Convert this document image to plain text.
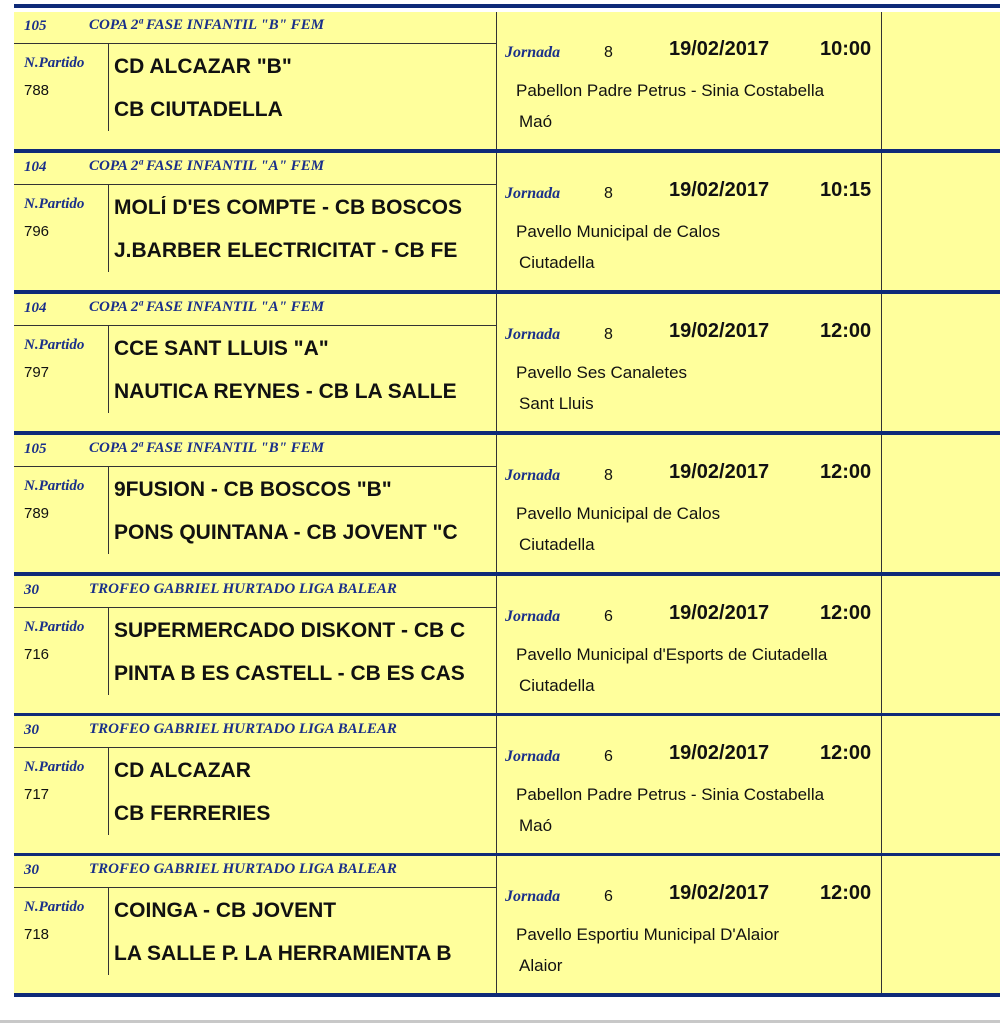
105	COPA 2ª FASE INFANTIL "B" FEM
N.Partido
788
CD ALCAZAR "B"
CB CIUTADELLA
Jornada	8	19/02/2017	10:00
Pabellon Padre Petrus - Sinia Costabella
Maó
104	COPA 2ª FASE INFANTIL "A" FEM
N.Partido
796
MOLÍ D'ES COMPTE - CB BOSCOS
J.BARBER ELECTRICITAT - CB FE
Jornada	8	19/02/2017	10:15
Pavello Municipal de Calos
Ciutadella
104	COPA 2ª FASE INFANTIL "A" FEM
N.Partido
797
CCE SANT LLUIS "A"
NAUTICA REYNES - CB LA SALLE
Jornada	8	19/02/2017	12:00
Pavello Ses Canaletes
Sant Lluis
105	COPA 2ª FASE INFANTIL "B" FEM
N.Partido
789
9FUSION - CB BOSCOS "B"
PONS QUINTANA - CB JOVENT "C
Jornada	8	19/02/2017	12:00
Pavello Municipal de Calos
Ciutadella
30	TROFEO GABRIEL HURTADO LIGA BALEAR
N.Partido
716
SUPERMERCADO DISKONT - CB C
PINTA B ES CASTELL - CB ES CAS
Jornada	6	19/02/2017	12:00
Pavello Municipal d'Esports de Ciutadella
Ciutadella
30	TROFEO GABRIEL HURTADO LIGA BALEAR
N.Partido
717
CD ALCAZAR
CB FERRERIES
Jornada	6	19/02/2017	12:00
Pabellon Padre Petrus - Sinia Costabella
Maó
30	TROFEO GABRIEL HURTADO LIGA BALEAR
N.Partido
718
COINGA - CB JOVENT
LA SALLE P. LA HERRAMIENTA B
Jornada	6	19/02/2017	12:00
Pavello Esportiu Municipal D'Alaior
Alaior
